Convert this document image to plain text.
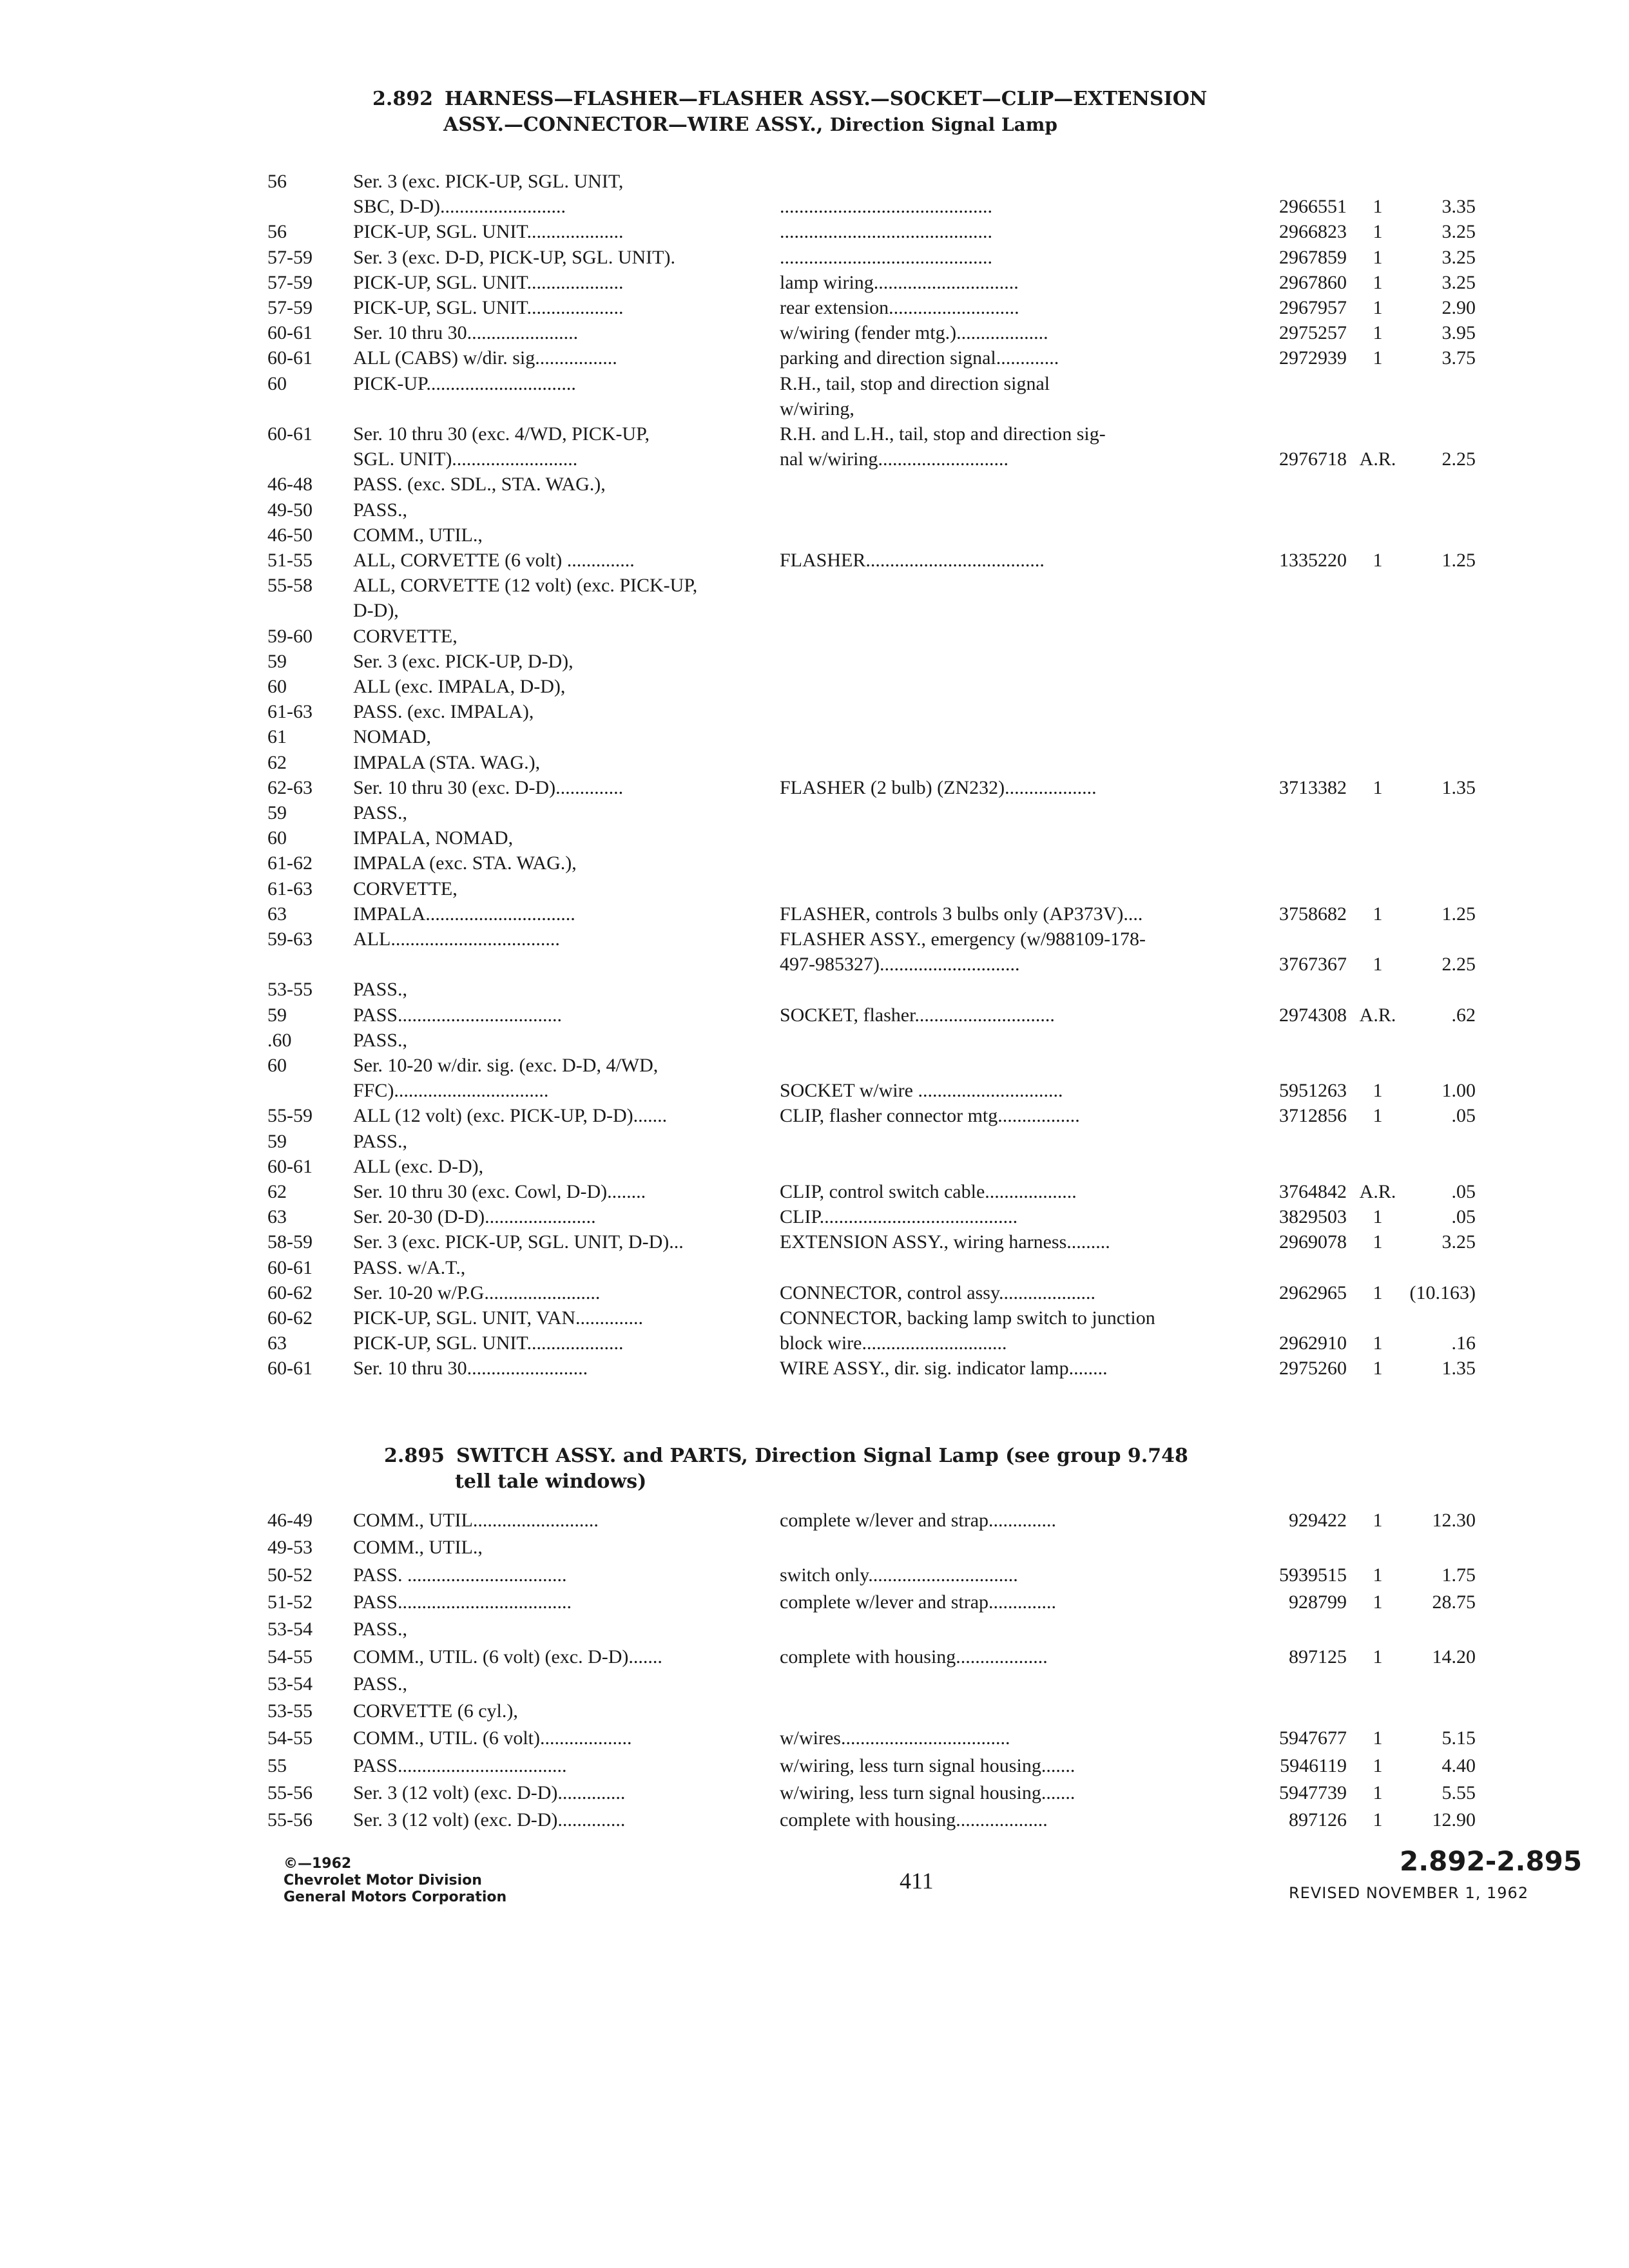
2.892 HARNESS—FLASHER—FLASHER ASSY.—SOCKET—CLIP—EXTENSION
ASSY.—CONNECTOR—WIRE ASSY., Direction Signal Lamp
56	Ser. 3 (exc. PICK-UP, SGL. UNIT,
SBC, D-D)..........................	............................................	2966551	1	3.35
56	PICK-UP, SGL. UNIT....................	............................................	2966823	1	3.25
57-59	Ser. 3 (exc. D-D, PICK-UP, SGL. UNIT).	............................................	2967859	1	3.25
57-59	PICK-UP, SGL. UNIT....................	lamp wiring..............................	2967860	1	3.25
57-59	PICK-UP, SGL. UNIT....................	rear extension...........................	2967957	1	2.90
60-61	Ser. 10 thru 30.......................	w/wiring (fender mtg.)...................	2975257	1	3.95
60-61	ALL (CABS) w/dir. sig.................	parking and direction signal.............	2972939	1	3.75
60	PICK-UP...............................	R.H., tail, stop and direction signal
w/wiring,
60-61	Ser. 10 thru 30 (exc. 4/WD, PICK-UP,	R.H. and L.H., tail, stop and direction sig-
SGL. UNIT)..........................	nal w/wiring...........................	2976718 A.R.	2.25
46-48	PASS. (exc. SDL., STA. WAG.),
49-50	PASS.,
46-50	COMM., UTIL.,
51-55	ALL, CORVETTE (6 volt) ..............	FLASHER.....................................	1335220	1	1.25
55-58	ALL, CORVETTE (12 volt) (exc. PICK-UP,
D-D),
59-60	CORVETTE,
59	Ser. 3 (exc. PICK-UP, D-D),
60	ALL (exc. IMPALA, D-D),
61-63	PASS. (exc. IMPALA),
61	NOMAD,
62	IMPALA (STA. WAG.),
62-63	Ser. 10 thru 30 (exc. D-D)..............	FLASHER (2 bulb) (ZN232)...................	3713382	1	1.35
59	PASS.,
60	IMPALA, NOMAD,
61-62	IMPALA (exc. STA. WAG.),
61-63	CORVETTE,
63	IMPALA...............................	FLASHER, controls 3 bulbs only (AP373V)....	3758682	1	1.25
59-63	ALL...................................	FLASHER ASSY., emergency (w/988109-178-
497-985327).............................	3767367	1	2.25
53-55	PASS.,
59	PASS..................................	SOCKET, flasher.............................	2974308 A.R.	.62
.60	PASS.,
60	Ser. 10-20 w/dir. sig. (exc. D-D, 4/WD,
FFC)................................	SOCKET w/wire ..............................	5951263	1	1.00
55-59	ALL (12 volt) (exc. PICK-UP, D-D).......	CLIP, flasher connector mtg.................	3712856	1	.05
59	PASS.,
60-61	ALL (exc. D-D),
62	Ser. 10 thru 30 (exc. Cowl, D-D)........	CLIP, control switch cable...................	3764842 A.R.	.05
63	Ser. 20-30 (D-D).......................	CLIP.........................................	3829503	1	.05
58-59	Ser. 3 (exc. PICK-UP, SGL. UNIT, D-D)...	EXTENSION ASSY., wiring harness.........	2969078	1	3.25
60-61	PASS. w/A.T.,
60-62	Ser. 10-20 w/P.G........................	CONNECTOR, control assy....................	2962965	1	(10.163)
60-62	PICK-UP, SGL. UNIT, VAN..............	CONNECTOR, backing lamp switch to junction
63	PICK-UP, SGL. UNIT....................	block wire..............................	2962910	1	.16
60-61	Ser. 10 thru 30.........................	WIRE ASSY., dir. sig. indicator lamp........	2975260	1	1.35
2.895 SWITCH ASSY. and PARTS, Direction Signal Lamp (see group 9.748
tell tale windows)
46-49	COMM., UTIL..........................	complete w/lever and strap..............	929422	1	12.30
49-53	COMM., UTIL.,
50-52	PASS. .................................	switch only...............................	5939515	1	1.75
51-52	PASS....................................	complete w/lever and strap..............	928799	1	28.75
53-54	PASS.,
54-55	COMM., UTIL. (6 volt) (exc. D-D).......	complete with housing...................	897125	1	14.20
53-54	PASS.,
53-55	CORVETTE (6 cyl.),
54-55	COMM., UTIL. (6 volt)...................	w/wires...................................	5947677	1	5.15
55	PASS...................................	w/wiring, less turn signal housing.......	5946119	1	4.40
55-56	Ser. 3 (12 volt) (exc. D-D)..............	w/wiring, less turn signal housing.......	5947739	1	5.55
55-56	Ser. 3 (12 volt) (exc. D-D)..............	complete with housing...................	897126	1	12.90
©—1962
Chevrolet Motor Division
General Motors Corporation
411
2.892-2.895
REVISED NOVEMBER 1, 1962
